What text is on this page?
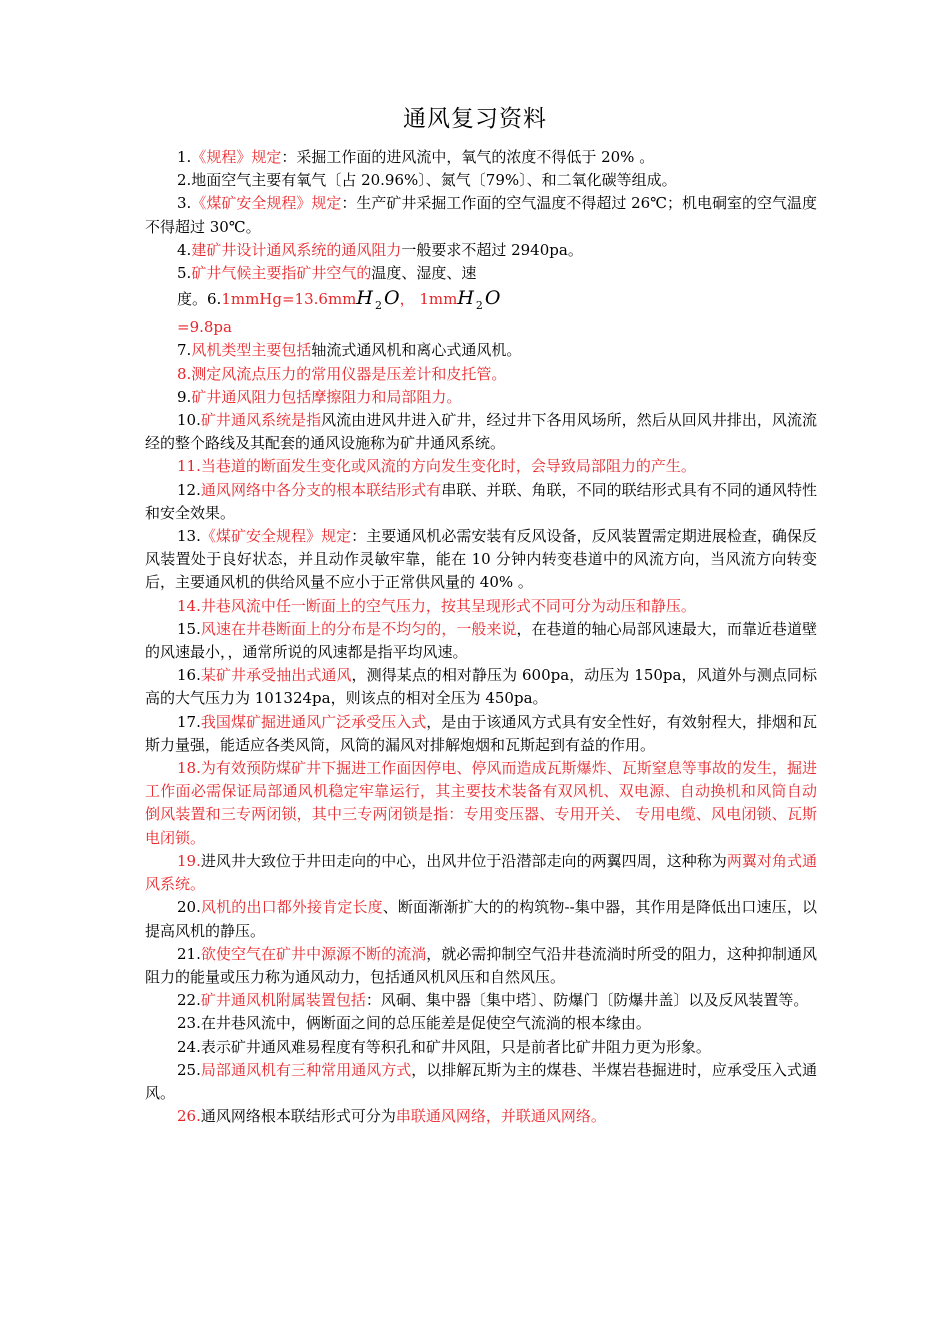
通风复习资料

1.《规程》规定：采掘工作面的进风流中，氧气的浓度不得低于 20% 。

2.地面空气主要有氧气〔占 20.96%〕、氮气〔79%〕、和二氧化碳等组成。

3.《煤矿安全规程》规定：生产矿井采掘工作面的空气温度不得超过 26℃；机电硐室的空气温度不得超过 30℃。

4.建矿井设计通风系统的通风阻力一般要求不超过 2940pa。

5.矿井气候主要指矿井空气的温度、湿度、速

度。6.1mmHg=13.6mmH $_2$ O， 1mmH $_2$ O

=9.8pa

7.风机类型主要包括轴流式通风机和离心式通风机。

8.测定风流点压力的常用仪器是压差计和皮托管。

9.矿井通风阻力包括摩擦阻力和局部阻力。

10.矿井通风系统是指风流由进风井进入矿井，经过井下各用风场所，然后从回风井排出，风流流经的整个路线及其配套的通风设施称为矿井通风系统。

11.当巷道的断面发生变化或风流的方向发生变化时，会导致局部阻力的产生。

12.通风网络中各分支的根本联结形式有串联、并联、角联，不同的联结形式具有不同的通风特性和安全效果。

13.《煤矿安全规程》规定：主要通风机必需安装有反风设备，反风装置需定期进展检查，确保反风装置处于良好状态，并且动作灵敏牢靠，能在 10 分钟内转变巷道中的风流方向，当风流方向转变后，主要通风机的供给风量不应小于正常供风量的 40% 。

14.井巷风流中任一断面上的空气压力，按其呈现形式不同可分为动压和静压。

15.风速在井巷断面上的分布是不均匀的，一般来说，在巷道的轴心局部风速最大，而靠近巷道壁的风速最小，，通常所说的风速都是指平均风速。

16.某矿井承受抽出式通风，测得某点的相对静压为 600pa，动压为 150pa，风道外与测点同标高的大气压力为 101324pa，则该点的相对全压为 450pa。

17.我国煤矿掘进通风广泛承受压入式，是由于该通风方式具有安全性好，有效射程大，排烟和瓦斯力量强，能适应各类风筒，风筒的漏风对排解炮烟和瓦斯起到有益的作用。

18.为有效预防煤矿井下掘进工作面因停电、停风而造成瓦斯爆炸、瓦斯窒息等事故的发生，掘进工作面必需保证局部通风机稳定牢靠运行，其主要技术装备有双风机、双电源、自动换机和风筒自动倒风装置和三专两闭锁，其中三专两闭锁是指：专用变压器、专用开关、 专用电缆、风电闭锁、瓦斯电闭锁。

19.进风井大致位于井田走向的中心，出风井位于沿潜部走向的两翼四周，这种称为两翼对角式通风系统。

20.风机的出口都外接肯定长度、断面渐渐扩大的的构筑物--集中器，其作用是降低出口速压，以提高风机的静压。

21.欲使空气在矿井中源源不断的流淌，就必需抑制空气沿井巷流淌时所受的阻力，这种抑制通风阻力的能量或压力称为通风动力，包括通风机风压和自然风压。

22.矿井通风机附属装置包括：风硐、集中器〔集中塔〕、防爆门〔防爆井盖〕以及反风装置等。

23.在井巷风流中，俩断面之间的总压能差是促使空气流淌的根本缘由。

24.表示矿井通风难易程度有等积孔和矿井风阻，只是前者比矿井阻力更为形象。

25.局部通风机有三种常用通风方式，以排解瓦斯为主的煤巷、半煤岩巷掘进时，应承受压入式通风。

26.通风网络根本联结形式可分为串联通风网络，并联通风网络。
